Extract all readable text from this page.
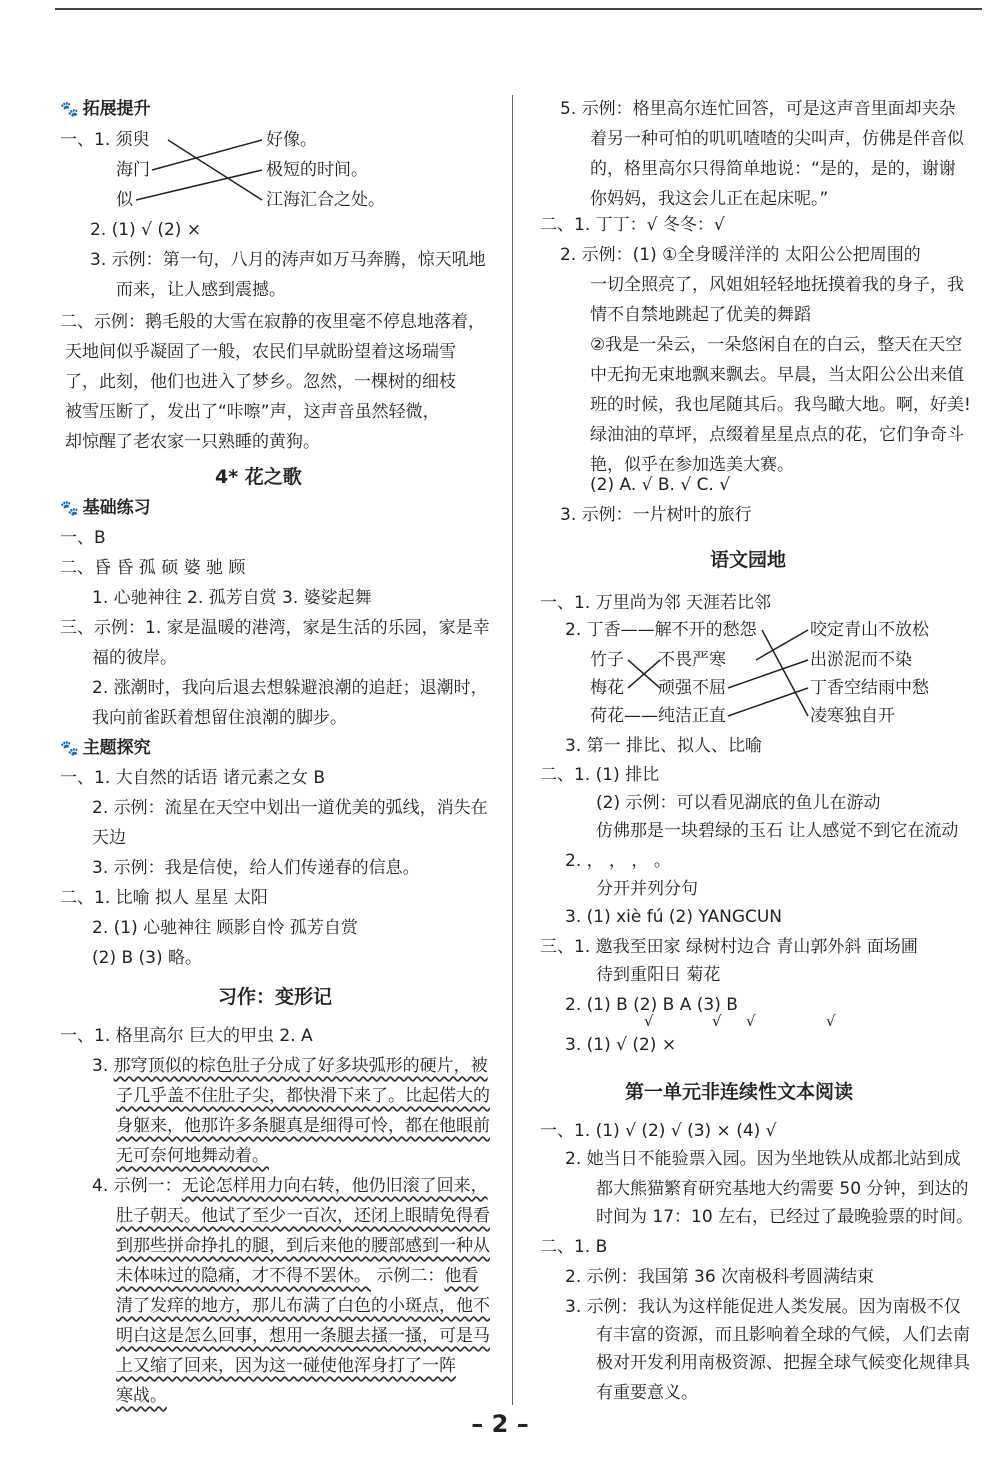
🐾 拓展提升
一、1. 须臾
海门
似
好像。
极短的时间。
江海汇合之处。
2. (1) √ (2) ×
3. 示例：第一句，八月的涛声如万马奔腾，惊天吼地
而来，让人感到震撼。
二、示例：鹅毛般的大雪在寂静的夜里毫不停息地落着，
天地间似乎凝固了一般，农民们早就盼望着这场瑞雪
了，此刻，他们也进入了梦乡。忽然，一棵树的细枝
被雪压断了，发出了“咔嚓”声，这声音虽然轻微，
却惊醒了老农家一只熟睡的黄狗。
4* 花之歌
🐾 基础练习
一、B
二、昏 昏 孤 硕 婆 驰 顾
1. 心驰神往 2. 孤芳自赏 3. 婆娑起舞
三、示例：1. 家是温暖的港湾，家是生活的乐园，家是幸
福的彼岸。
2. 涨潮时，我向后退去想躲避浪潮的追赶；退潮时，
我向前雀跃着想留住浪潮的脚步。
🐾 主题探究
一、1. 大自然的话语 诸元素之女 B
2. 示例：流星在天空中划出一道优美的弧线，消失在
天边
3. 示例：我是信使，给人们传递春的信息。
二、1. 比喻 拟人 星星 太阳
2. (1) 心驰神往 顾影自怜 孤芳自赏
(2) B (3) 略。
习作：变形记
一、1. 格里高尔 巨大的甲虫 2. A
3. 那穹顶似的棕色肚子分成了好多块弧形的硬片，被
子几乎盖不住肚子尖，都快滑下来了。比起偌大的
身躯来，他那许多条腿真是细得可怜，都在他眼前
无可奈何地舞动着。
4. 示例一：无论怎样用力向右转，他仍旧滚了回来，
肚子朝天。他试了至少一百次，还闭上眼睛免得看
到那些拼命挣扎的腿，到后来他的腰部感到一种从
未体味过的隐痛，才不得不罢休。 示例二：他看
清了发痒的地方，那儿布满了白色的小斑点，他不
明白这是怎么回事，想用一条腿去搔一搔，可是马
上又缩了回来，因为这一碰使他浑身打了一阵
寒战。
5. 示例：格里高尔连忙回答，可是这声音里面却夹杂
着另一种可怕的叽叽喳喳的尖叫声，仿佛是伴音似
的，格里高尔只得简单地说：“是的，是的，谢谢
你妈妈，我这会儿正在起床呢。”
二、1. 丁丁：√ 冬冬：√
2. 示例：(1) ①全身暖洋洋的 太阳公公把周围的
一切全照亮了，风姐姐轻轻地抚摸着我的身子，我
情不自禁地跳起了优美的舞蹈
②我是一朵云，一朵悠闲自在的白云，整天在天空
中无拘无束地飘来飘去。早晨，当太阳公公出来值
班的时候，我也尾随其后。我鸟瞰大地。啊，好美!
绿油油的草坪，点缀着星星点点的花，它们争奇斗
艳，似乎在参加选美大赛。
(2) A. √ B. √ C. √
3. 示例：一片树叶的旅行
语文园地
一、1. 万里尚为邻 天涯若比邻
2. 丁香——解不开的愁怨
竹子
梅花
荷花——纯洁正直
不畏严寒
顽强不屈
咬定青山不放松
出淤泥而不染
丁香空结雨中愁
凌寒独自开
3. 第一 排比、拟人、比喻
二、1. (1) 排比
(2) 示例：可以看见湖底的鱼儿在游动
仿佛那是一块碧绿的玉石 让人感觉不到它在流动
2. ， ， ， 。
分开并列分句
3. (1) xiè fú (2) YANGCUN
三、1. 邀我至田家 绿树村边合 青山郭外斜 面场圃
待到重阳日 菊花
2. (1) B (2) B A (3) B
√	√ √	√
3. (1) √ (2) ×
第一单元非连续性文本阅读
一、1. (1) √ (2) √ (3) × (4) √
2. 她当日不能验票入园。因为坐地铁从成都北站到成
都大熊猫繁育研究基地大约需要 50 分钟，到达的
时间为 17：10 左右，已经过了最晚验票的时间。
二、1. B
2. 示例：我国第 36 次南极科考圆满结束
3. 示例：我认为这样能促进人类发展。因为南极不仅
有丰富的资源，而且影响着全球的气候，人们去南
极对开发利用南极资源、把握全球气候变化规律具
有重要意义。
– 2 –
